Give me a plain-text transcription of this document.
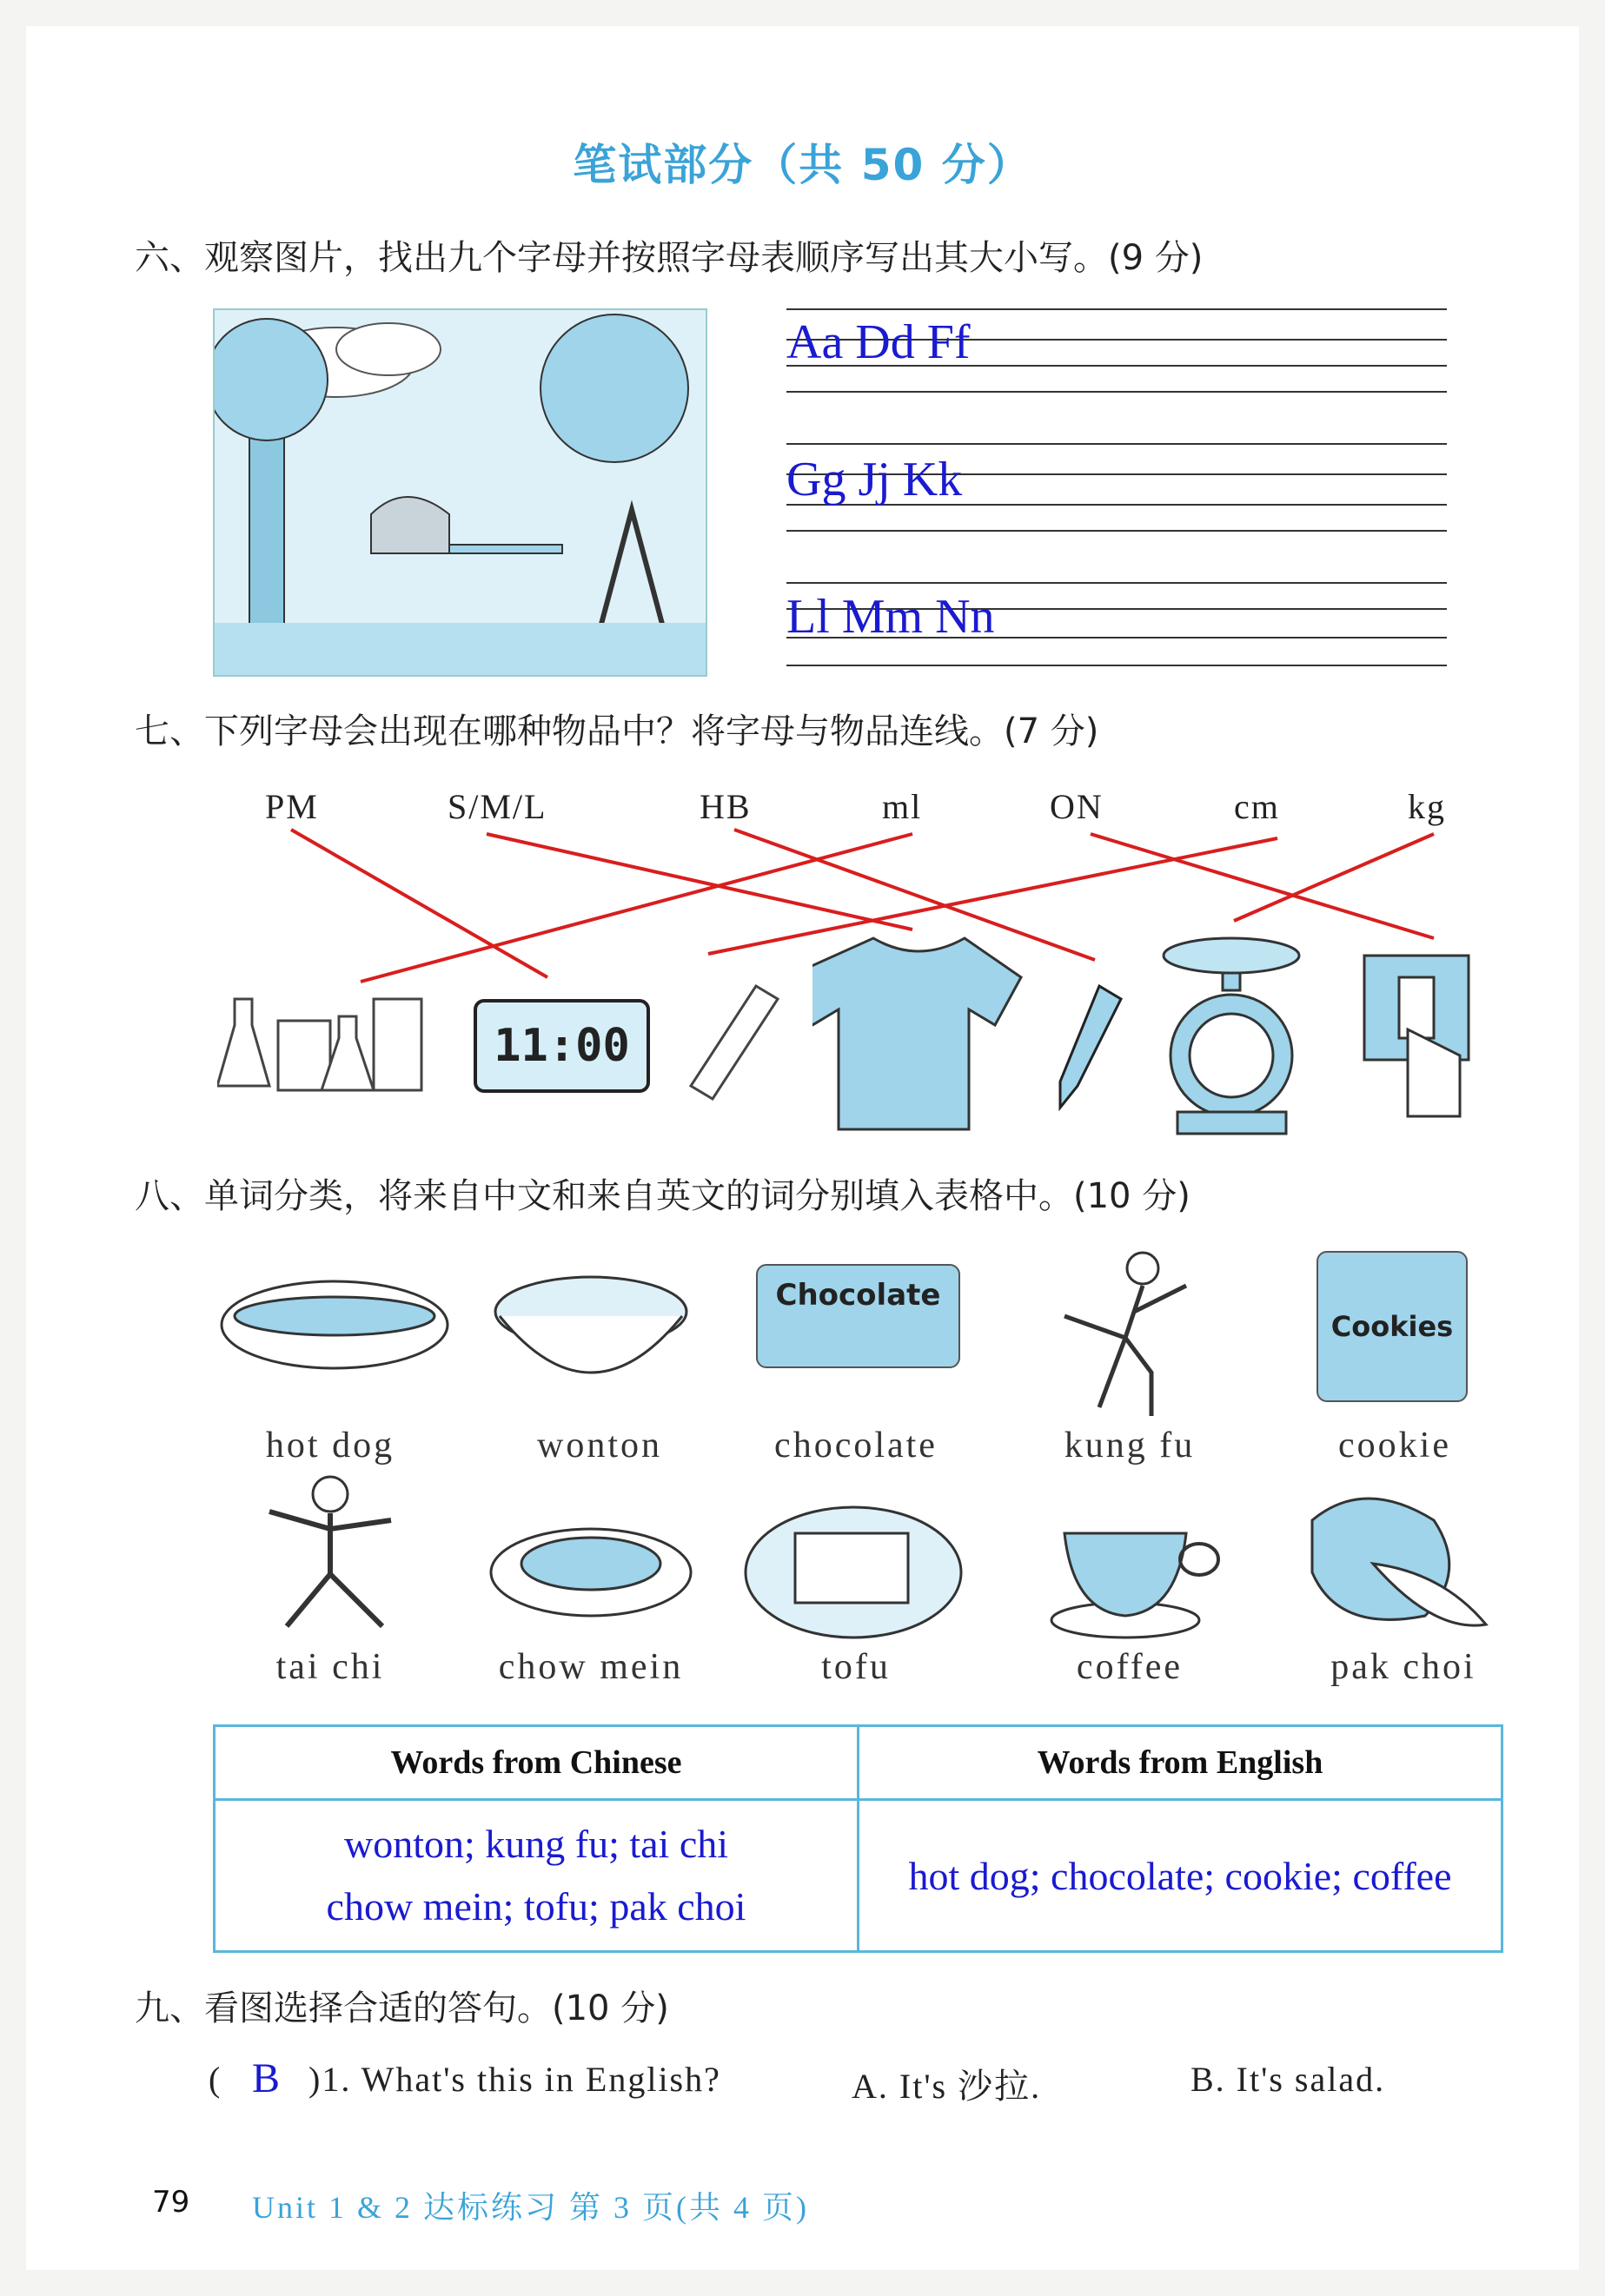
笔试部分（共 50 分）
六、观察图片，找出九个字母并按照字母表顺序写出其大小写。(9 分)
Aa Dd Ff
Gg Jj Kk
Ll Mm Nn
七、下列字母会出现在哪种物品中？将字母与物品连线。(7 分)
PM	S/M/L	HB	ml	ON	cm	kg
11:00
八、单词分类，将来自中文和来自英文的词分别填入表格中。(10 分)
Chocolate
Cookies
hot dog	wonton	chocolate	kung fu	cookie
tai chi	chow mein	tofu	coffee	pak choi
Words from Chinese	Words from English

wonton; kung fu; tai chi
chow mein; tofu; pak choi	hot dog; chocolate; cookie; coffee
九、看图选择合适的答句。(10 分)
( B )1. What's this in English?	A. It's 沙拉.	B. It's salad.
79 Unit 1 & 2 达标练习 第 3 页(共 4 页)
